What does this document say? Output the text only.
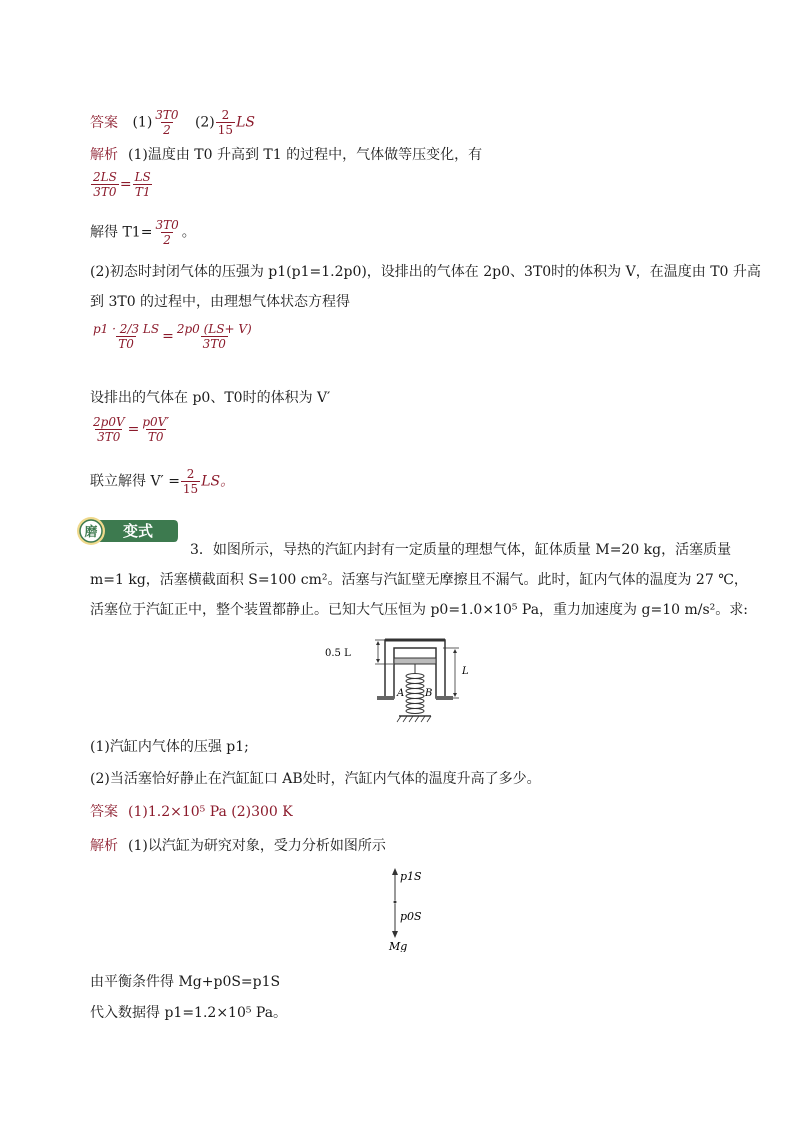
答案 $(1) \frac{3T0}{2} (2) \frac{2}{15}$ LS
解析 (1)温度由 T0 升高到 T1 的过程中，气体做等压变化，有
$\frac{2LS}{3T0} = \frac{LS}{T1}$
解得 $T1= \frac{3T0}{2}$ 。
(2)初态时封闭气体的压强为 p1(p1=1.2p0)，设排出的气体在 2p0、3T0时的体积为 V，在温度由 T0 升高
到 3T0 的过程中，由理想气体状态方程得
$\frac{p1 \cdot 2/3 LS}{T0} = \frac{2p0 (LS+ V)}{3T0}$
设排出的气体在 p0、T0时的体积为 V′
$\frac{2p0V}{3T0} = \frac{p0V'}{T0}$
联立解得 $V' = \frac{2}{15}$ LS。
磨 变式
3．如图所示，导热的汽缸内封有一定质量的理想气体，缸体质量 M=20 kg，活塞质量
m=1 kg，活塞横截面积 S=100 cm²。活塞与汽缸壁无摩擦且不漏气。此时，缸内气体的温度为 27 ℃，
活塞位于汽缸正中，整个装置都静止。已知大气压恒为 p0=1.0×10⁵ Pa，重力加速度为 g=10 m/s²。求:
0.5 L
L
A B
(1)汽缸内气体的压强 p1;
(2)当活塞恰好静止在汽缸缸口 AB处时，汽缸内气体的温度升高了多少。
答案 (1)1.2×10⁵ Pa (2)300 K
解析 (1)以汽缸为研究对象，受力分析如图所示
p1S
p0S
Mg
由平衡条件得 Mg+p0S=p1S
代入数据得 p1=1.2×10⁵ Pa。
